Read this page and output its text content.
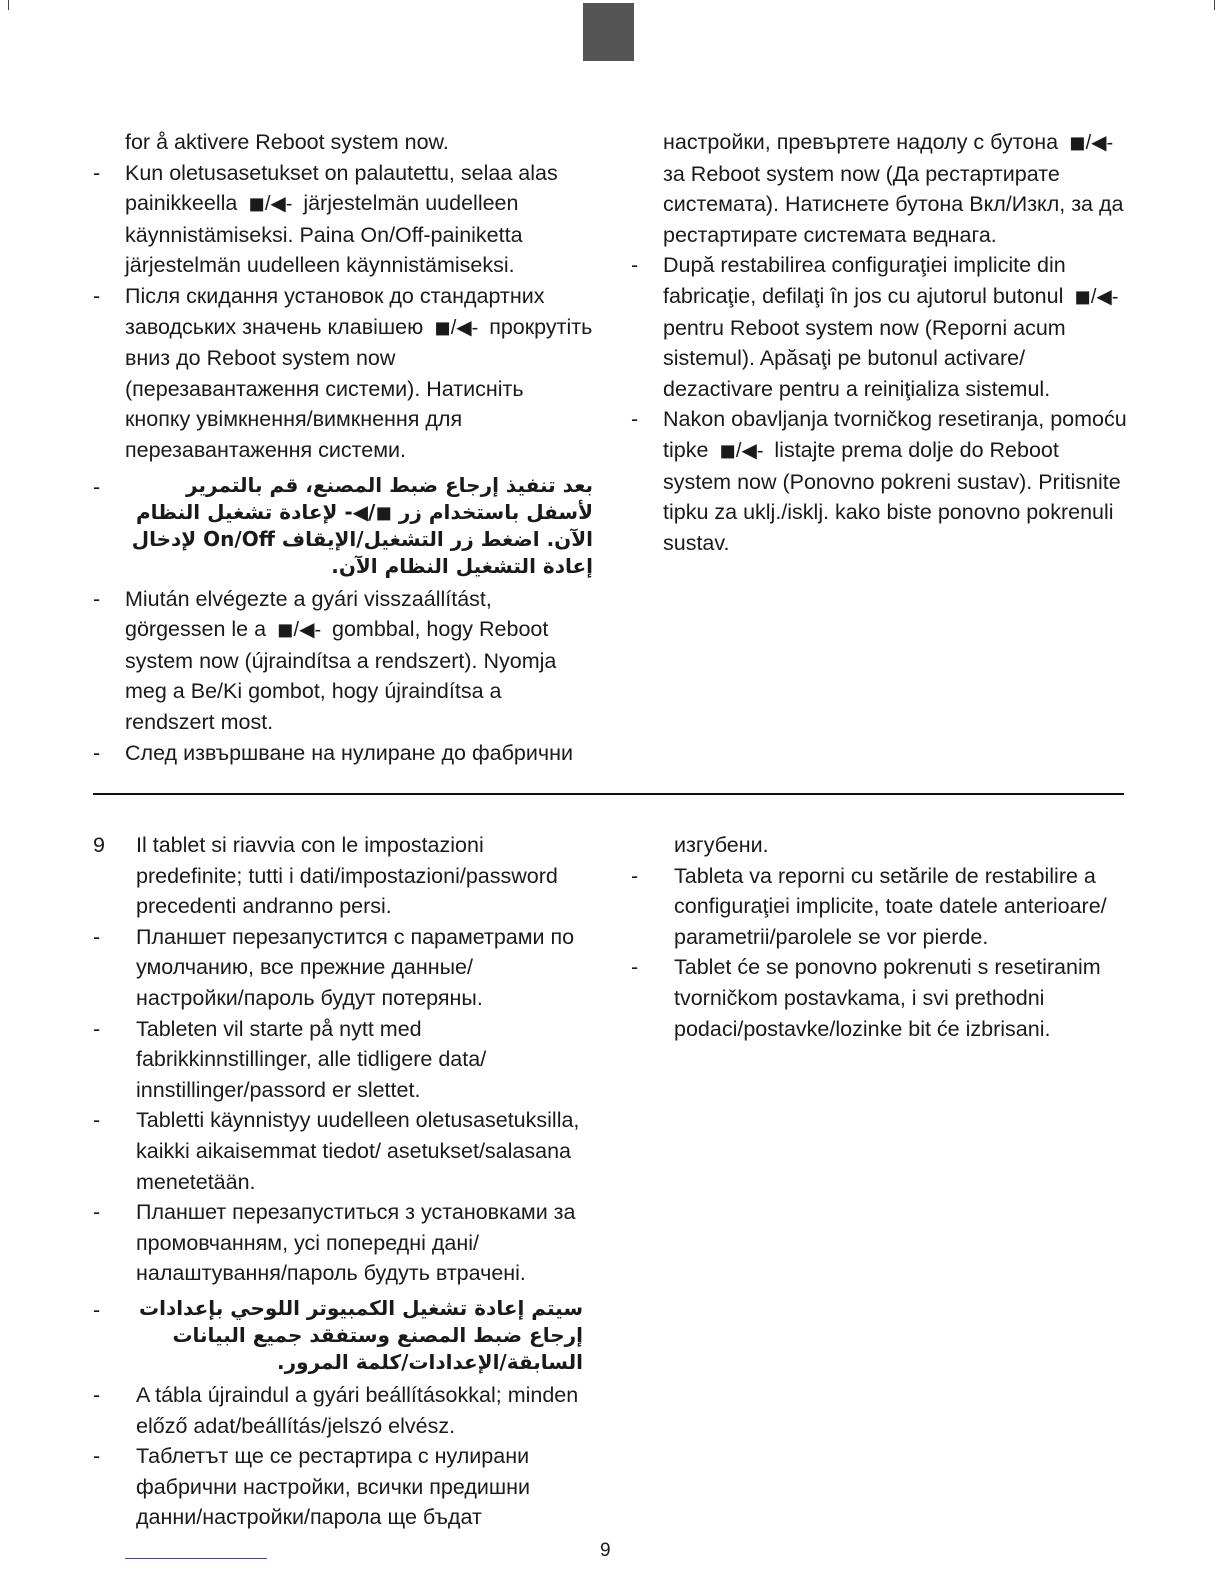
for å aktivere Reboot system now.

- Kun oletusasetukset on palautettu, selaa alas painikkeella ◼/◀- järjestelmän uudelleen käynnistämiseksi. Paina On/Off-painiketta järjestelmän uudelleen käynnistämiseksi.

- Після скидання установок до стандартних заводських значень клавішею ◼/◀- прокрутіть вниз до Reboot system now (перезавантаження системи). Натисніть кнопку увімкнення/вимкнення для перезавантаження системи.

-	بعد تنفيذ إرجاع ضبط المصنع، قم بالتمرير لأسفل باستخدام زر ◼/◀- لإعادة تشغيل النظام الآن. اضغط زر التشغيل/الإيقاف On/Off لإدخال إعادة التشغيل النظام الآن.

- Miután elvégezte a gyári visszaállítást, görgessen le a ◼/◀- gombbal, hogy Reboot system now (újraindítsa a rendszert). Nyomja meg a Be/Ki gombot, hogy újraindítsa a rendszert most.

- След извършване на нулиране до фабрични

настройки, превъртете надолу с бутона ◼/◀- за Reboot system now (Да рестартирате системата). Натиснете бутона Вкл/Изкл, за да рестартирате системата веднага.

- După restabilirea configuraţiei implicite din fabricaţie, defilaţi în jos cu ajutorul butonul ◼/◀- pentru Reboot system now (Reporni acum sistemul). Apăsaţi pe butonul activare/ dezactivare pentru a reiniţializa sistemul.

- Nakon obavljanja tvorničkog resetiranja, pomoću tipke ◼/◀- listajte prema dolje do Reboot system now (Ponovno pokreni sustav). Pritisnite tipku za uklj./isklj. kako biste ponovno pokrenuli sustav.

9 Il tablet si riavvia con le impostazioni predefinite; tutti i dati/impostazioni/password precedenti andranno persi.

- Планшет перезапустится с параметрами по умолчанию, все прежние данные/ настройки/пароль будут потеряны.

- Tableten vil starte på nytt med fabrikkinnstillinger, alle tidligere data/ innstillinger/passord er slettet.

- Tabletti käynnistyy uudelleen oletusasetuksilla, kaikki aikaisemmat tiedot/ asetukset/salasana menetetään.

- Планшет перезапуститься з установками за промовчанням, усі попередні дані/ налаштування/пароль будуть втрачені.

- سيتم إعادة تشغيل الكمبيوتر اللوحي بإعدادات إرجاع ضبط المصنع وستفقد جميع البيانات السابقة/الإعدادات/كلمة المرور.

- A tábla újraindul a gyári beállításokkal; minden előző adat/beállítás/jelszó elvész.

- Таблетът ще се рестартира с нулирани фабрични настройки, всички предишни данни/настройки/парола ще бъдат

изгубени.

- Tableta va reporni cu setările de restabilire a configuraţiei implicite, toate datele anterioare/ parametrii/parolele se vor pierde.

- Tablet će se ponovno pokrenuti s resetiranim tvorničkom postavkama, i svi prethodni podaci/postavke/lozinke bit će izbrisani.

9
